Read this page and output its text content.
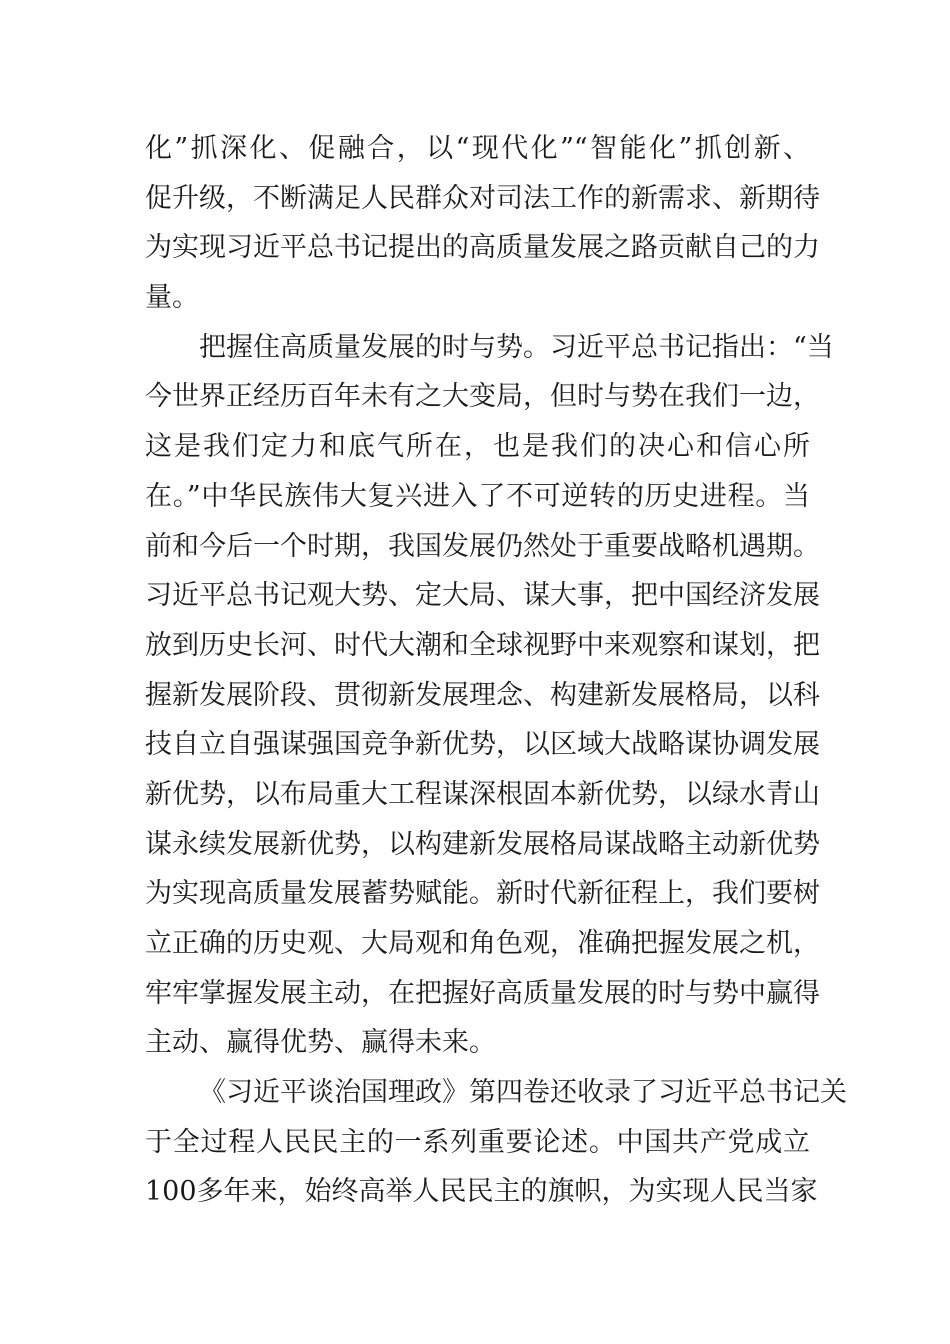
化”抓深化、促融合，以“现代化”“智能化”抓创新、
促升级，不断满足人民群众对司法工作的新需求、新期待
为实现习近平总书记提出的高质量发展之路贡献自己的力
量。
把握住高质量发展的时与势。习近平总书记指出：“当
今世界正经历百年未有之大变局，但时与势在我们一边，
这是我们定力和底气所在，也是我们的决心和信心所
在。”中华民族伟大复兴进入了不可逆转的历史进程。当
前和今后一个时期，我国发展仍然处于重要战略机遇期。
习近平总书记观大势、定大局、谋大事，把中国经济发展
放到历史长河、时代大潮和全球视野中来观察和谋划，把
握新发展阶段、贯彻新发展理念、构建新发展格局，以科
技自立自强谋强国竞争新优势，以区域大战略谋协调发展
新优势，以布局重大工程谋深根固本新优势，以绿水青山
谋永续发展新优势，以构建新发展格局谋战略主动新优势
为实现高质量发展蓄势赋能。新时代新征程上，我们要树
立正确的历史观、大局观和角色观，准确把握发展之机，
牢牢掌握发展主动，在把握好高质量发展的时与势中赢得
主动、赢得优势、赢得未来。
《习近平谈治国理政》第四卷还收录了习近平总书记关
于全过程人民民主的一系列重要论述。中国共产党成立
100多年来，始终高举人民民主的旗帜，为实现人民当家
